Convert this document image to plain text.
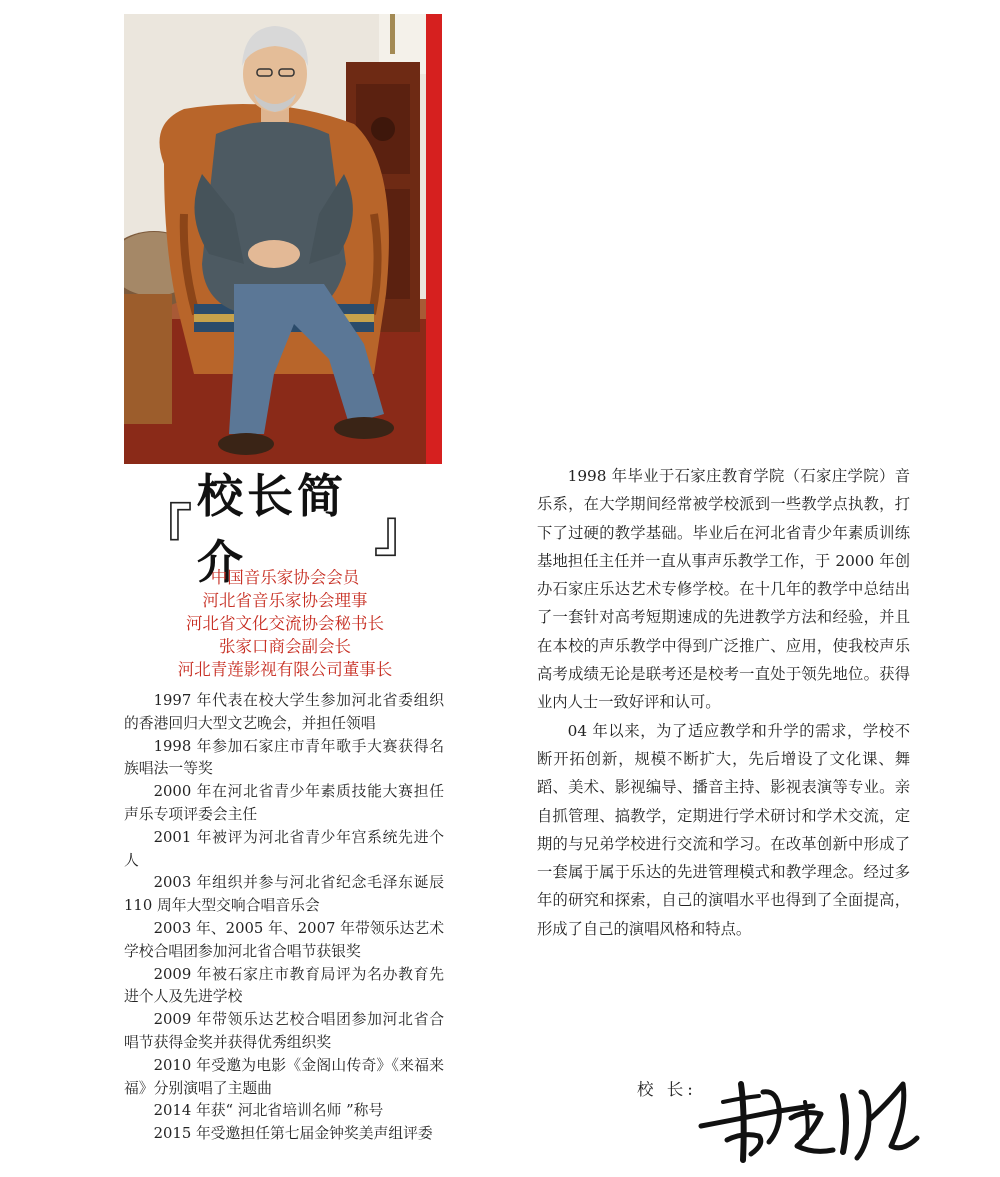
『
校长简介	』
中国音乐家协会会员
河北省音乐家协会理事
河北省文化交流协会秘书长
张家口商会副会长
河北青莲影视有限公司董事长

1997 年代表在校大学生参加河北省委组织的香港回归大型文艺晚会，并担任领唱

1998 年参加石家庄市青年歌手大赛获得名族唱法一等奖

2000 年在河北省青少年素质技能大赛担任声乐专项评委会主任

2001 年被评为河北省青少年宫系统先进个人

2003 年组织并参与河北省纪念毛泽东诞辰 110 周年大型交响合唱音乐会

2003 年、2005 年、2007 年带领乐达艺术学校合唱团参加河北省合唱节获银奖

2009 年被石家庄市教育局评为名办教育先进个人及先进学校

2009 年带领乐达艺校合唱团参加河北省合唱节获得金奖并获得优秀组织奖

2010 年受邀为电影《金阁山传奇》《来福来福》分别演唱了主题曲

2014 年获“ 河北省培训名师 ”称号

2015 年受邀担任第七届金钟奖美声组评委

1998 年毕业于石家庄教育学院（石家庄学院）音乐系，在大学期间经常被学校派到一些教学点执教，打下了过硬的教学基础。毕业后在河北省青少年素质训练基地担任主任并一直从事声乐教学工作，于 2000 年创办石家庄乐达艺术专修学校。在十几年的教学中总结出了一套针对高考短期速成的先进教学方法和经验，并且在本校的声乐教学中得到广泛推广、应用，使我校声乐高考成绩无论是联考还是校考一直处于领先地位。获得业内人士一致好评和认可。

04 年以来，为了适应教学和升学的需求，学校不断开拓创新，规模不断扩大，先后增设了文化课、舞蹈、美术、影视编导、播音主持、影视表演等专业。亲自抓管理、搞教学，定期进行学术研讨和学术交流，定期的与兄弟学校进行交流和学习。在改革创新中形成了一套属于属于乐达的先进管理模式和教学理念。经过多年的研究和探索，自己的演唱水平也得到了全面提高，形成了自己的演唱风格和特点。

校 长:
